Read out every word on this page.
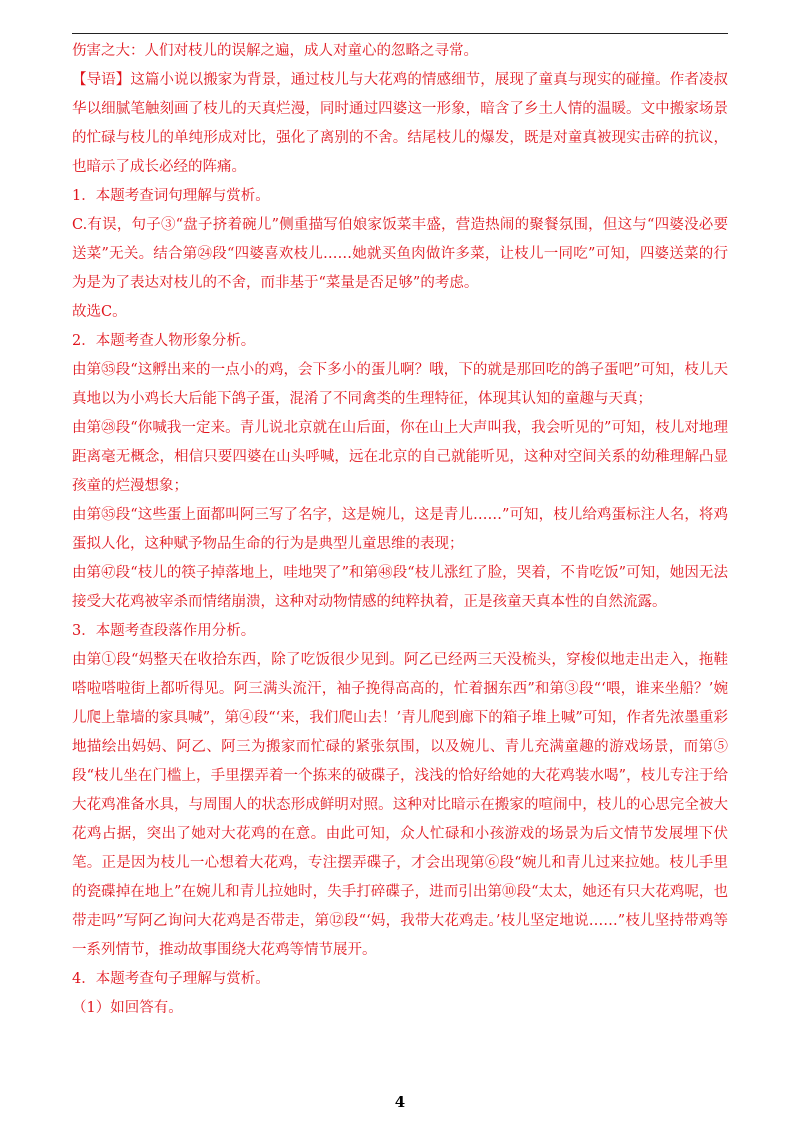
伤害之大：人们对枝儿的误解之遍，成人对童心的忽略之寻常。

【导语】这篇小说以搬家为背景，通过枝儿与大花鸡的情感细节，展现了童真与现实的碰撞。作者凌叔华以细腻笔触刻画了枝儿的天真烂漫，同时通过四婆这一形象，暗含了乡土人情的温暖。文中搬家场景的忙碌与枝儿的单纯形成对比，强化了离别的不舍。结尾枝儿的爆发，既是对童真被现实击碎的抗议，也暗示了成长必经的阵痛。

1．本题考查词句理解与赏析。

C.有误，句子③“盘子挤着碗儿”侧重描写伯娘家饭菜丰盛，营造热闹的聚餐氛围，但这与“四婆没必要送菜”无关。结合第㉔段“四婆喜欢枝儿……她就买鱼肉做许多菜，让枝儿一同吃”可知，四婆送菜的行为是为了表达对枝儿的不舍，而非基于“菜量是否足够”的考虑。

故选C。

2．本题考查人物形象分析。

由第㉟段“这孵出来的一点小的鸡，会下多小的蛋儿啊？哦，下的就是那回吃的鸽子蛋吧”可知，枝儿天真地以为小鸡长大后能下鸽子蛋，混淆了不同禽类的生理特征，体现其认知的童趣与天真；

由第㉘段“你喊我一定来。青儿说北京就在山后面，你在山上大声叫我，我会听见的”可知，枝儿对地理距离毫无概念，相信只要四婆在山头呼喊，远在北京的自己就能听见，这种对空间关系的幼稚理解凸显孩童的烂漫想象；

由第㉟段“这些蛋上面都叫阿三写了名字，这是婉儿，这是青儿……”可知，枝儿给鸡蛋标注人名，将鸡蛋拟人化，这种赋予物品生命的行为是典型儿童思维的表现；

由第㊼段“枝儿的筷子掉落地上，哇地哭了”和第㊽段“枝儿涨红了脸，哭着，不肯吃饭”可知，她因无法接受大花鸡被宰杀而情绪崩溃，这种对动物情感的纯粹执着，正是孩童天真本性的自然流露。

3．本题考查段落作用分析。

由第①段“妈整天在收拾东西，除了吃饭很少见到。阿乙已经两三天没梳头，穿梭似地走出走入，拖鞋嗒啦嗒啦街上都听得见。阿三满头流汗，袖子挽得高高的，忙着捆东西”和第③段“‘喂，谁来坐船？’婉儿爬上靠墙的家具喊”，第④段“‘来，我们爬山去！’青儿爬到廊下的箱子堆上喊”可知，作者先浓墨重彩地描绘出妈妈、阿乙、阿三为搬家而忙碌的紧张氛围，以及婉儿、青儿充满童趣的游戏场景，而第⑤段“枝儿坐在门槛上，手里摆弄着一个拣来的破碟子，浅浅的恰好给她的大花鸡装水喝”，枝儿专注于给大花鸡准备水具，与周围人的状态形成鲜明对照。这种对比暗示在搬家的喧闹中，枝儿的心思完全被大花鸡占据，突出了她对大花鸡的在意。由此可知，众人忙碌和小孩游戏的场景为后文情节发展埋下伏笔。正是因为枝儿一心想着大花鸡，专注摆弄碟子，才会出现第⑥段“婉儿和青儿过来拉她。枝儿手里的瓷碟掉在地上”在婉儿和青儿拉她时，失手打碎碟子，进而引出第⑩段“太太，她还有只大花鸡呢，也带走吗”写阿乙询问大花鸡是否带走，第⑫段“‘妈，我带大花鸡走。’枝儿坚定地说……”枝儿坚持带鸡等一系列情节，推动故事围绕大花鸡等情节展开。

4．本题考查句子理解与赏析。

（1）如回答有。

4
